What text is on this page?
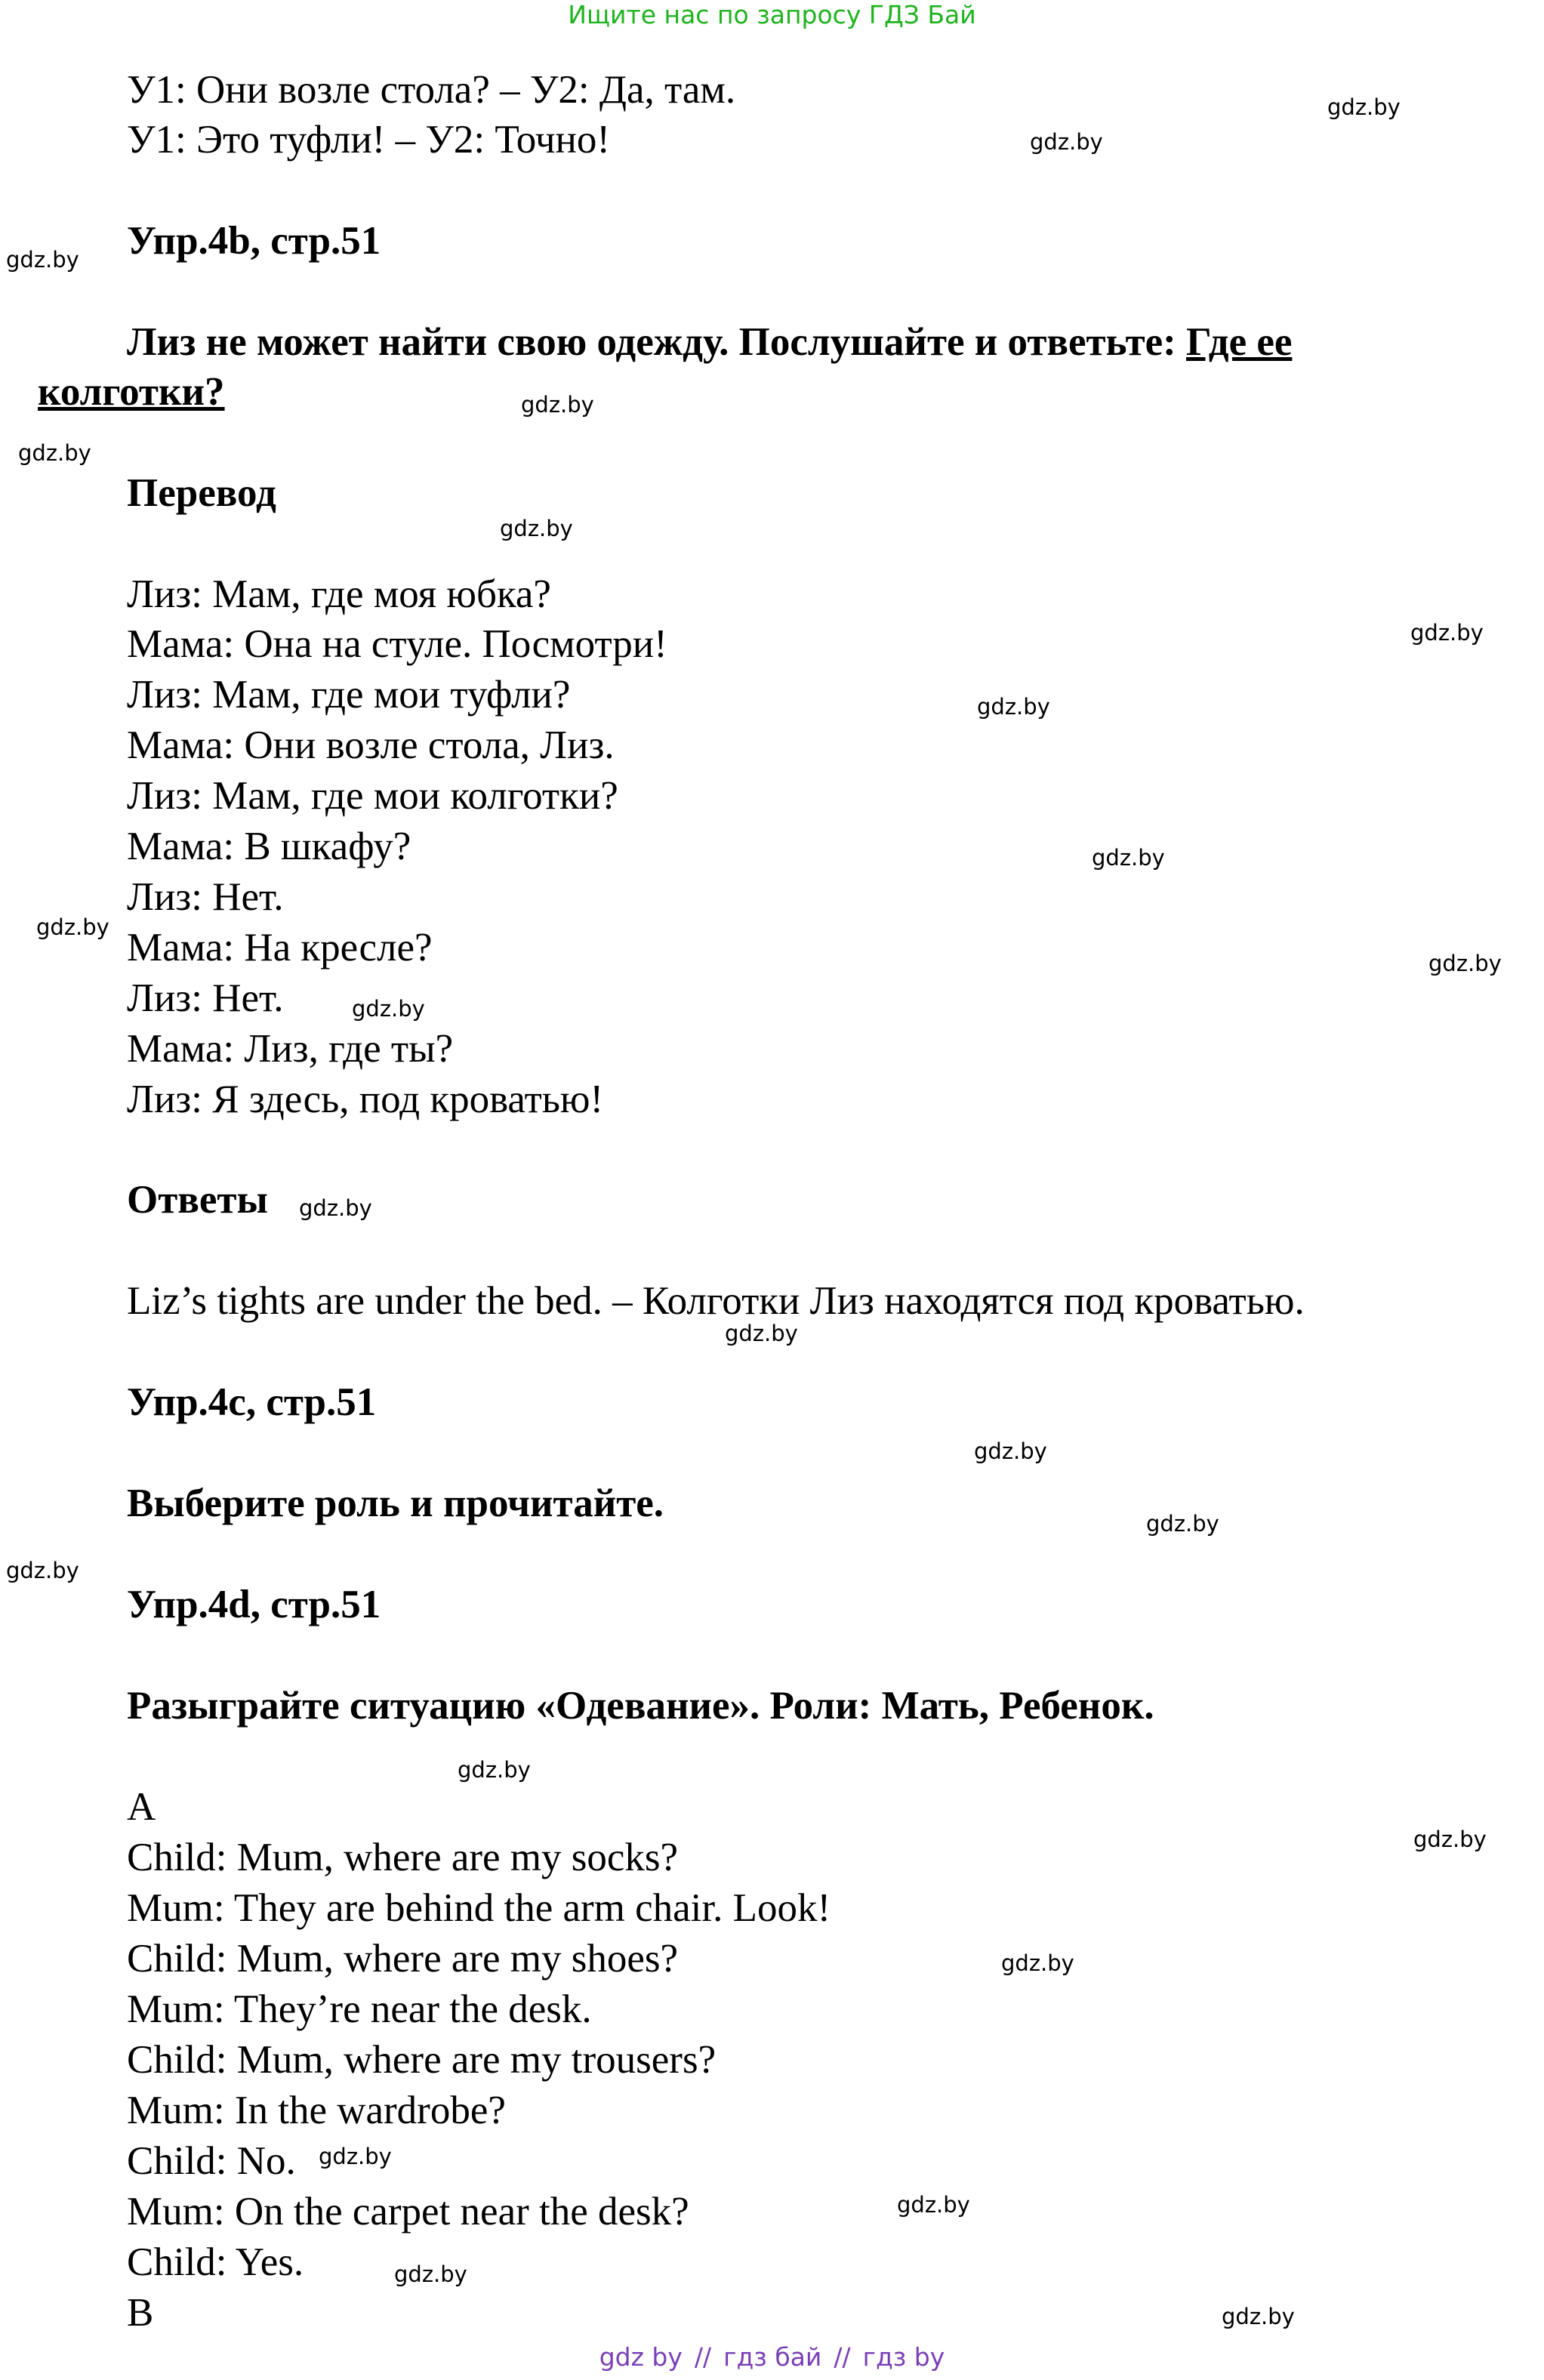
Ищите нас по запросу ГДЗ Бай
У1: Они возле стола? – У2: Да, там.
У1: Это туфли! – У2: Точно!
Упр.4b, стр.51
Лиз не может найти свою одежду. Послушайте и ответьте: Где ее
колготки?
Перевод
Лиз: Мам, где моя юбка?
Мама: Она на стуле. Посмотри!
Лиз: Мам, где мои туфли?
Мама: Они возле стола, Лиз.
Лиз: Мам, где мои колготки?
Мама: В шкафу?
Лиз: Нет.
Мама: На кресле?
Лиз: Нет.
Мама: Лиз, где ты?
Лиз: Я здесь, под кроватью!
Ответы
Liz’s tights are under the bed. – Колготки Лиз находятся под кроватью.
Упр.4c, стр.51
Выберите роль и прочитайте.
Упр.4d, стр.51
Разыграйте ситуацию «Одевание». Роли: Мать, Ребенок.
A
Child: Mum, where are my socks?
Mum: They are behind the arm chair. Look!
Child: Mum, where are my shoes?
Mum: They’re near the desk.
Child: Mum, where are my trousers?
Mum: In the wardrobe?
Child: No.
Mum: On the carpet near the desk?
Child: Yes.
B
gdz.by
gdz.by
gdz.by
gdz.by
gdz.by
gdz.by
gdz.by
gdz.by
gdz.by
gdz.by
gdz.by
gdz.by
gdz.by
gdz.by
gdz.by
gdz.by
gdz.by
gdz.by
gdz.by
gdz.by
gdz.by
gdz.by
gdz.by
gdz.by
gdz by // гдз бай // гдз by
